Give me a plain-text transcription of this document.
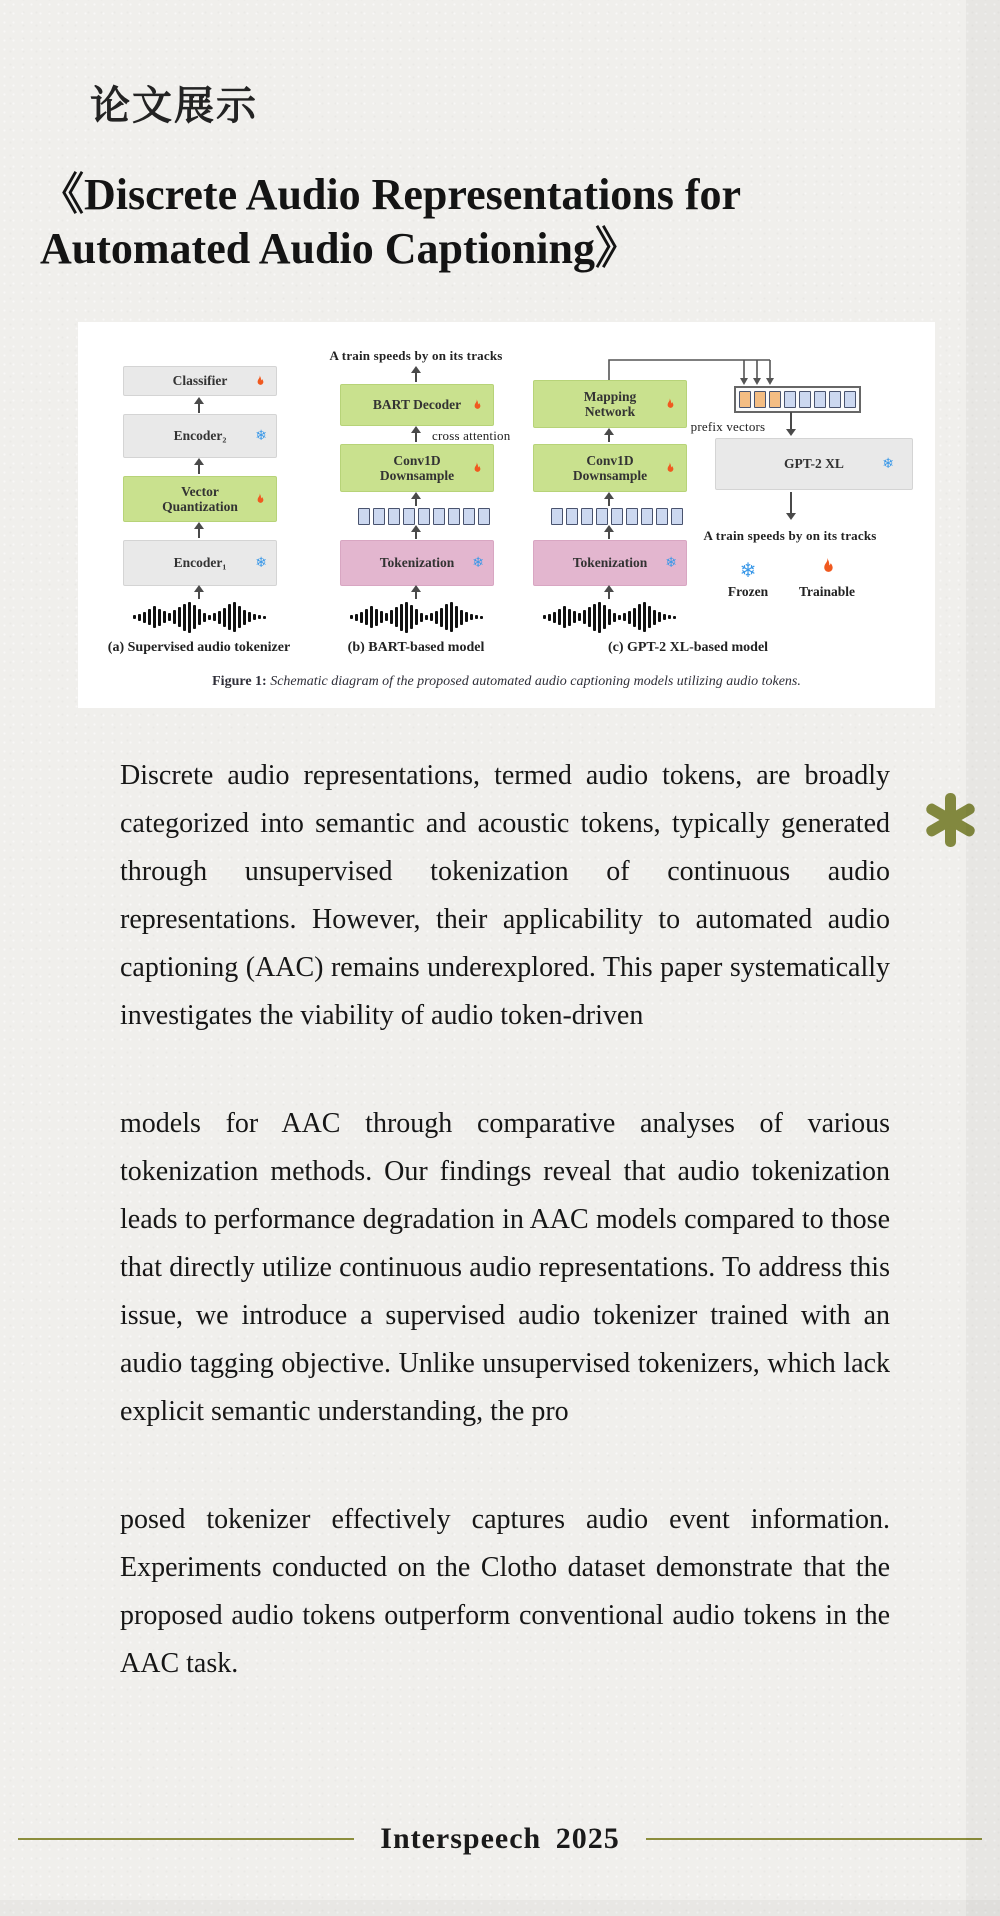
论文展示
《Discrete Audio Representations for Automated Audio Captioning》
Classifier
Encoder₂ ❄
Vector Quantization
Encoder₁ ❄
(a) Supervised audio tokenizer
A train speeds by on its tracks
BART Decoder
cross attention
Conv1D Downsample
Tokenization ❄
(b) BART-based model
Mapping Network
Conv1D Downsample
Tokenization ❄
(c) GPT-2 XL-based model
prefix vectors
GPT-2 XL	❄
A train speeds by on its tracks
❄
Frozen	Trainable
Figure 1: Schematic diagram of the proposed automated audio captioning models utilizing audio tokens.

Discrete audio representations, termed audio tokens, are broadly categorized into semantic and acoustic tokens, typically generated through unsupervised tokenization of continuous audio representations. However, their applicability to automated audio captioning (AAC) remains underexplored. This paper systematically investigates the viability of audio token-driven

models for AAC through comparative analyses of various tokenization methods. Our findings reveal that audio tokenization leads to performance degradation in AAC models compared to those that directly utilize continuous audio representations. To address this issue, we introduce a supervised audio tokenizer trained with an audio tagging objective. Unlike unsupervised tokenizers, which lack explicit semantic understanding, the pro

posed tokenizer effectively captures audio event information. Experiments conducted on the Clotho dataset demonstrate that the proposed audio tokens outperform conventional audio tokens in the AAC task.

Interspeech 2025
